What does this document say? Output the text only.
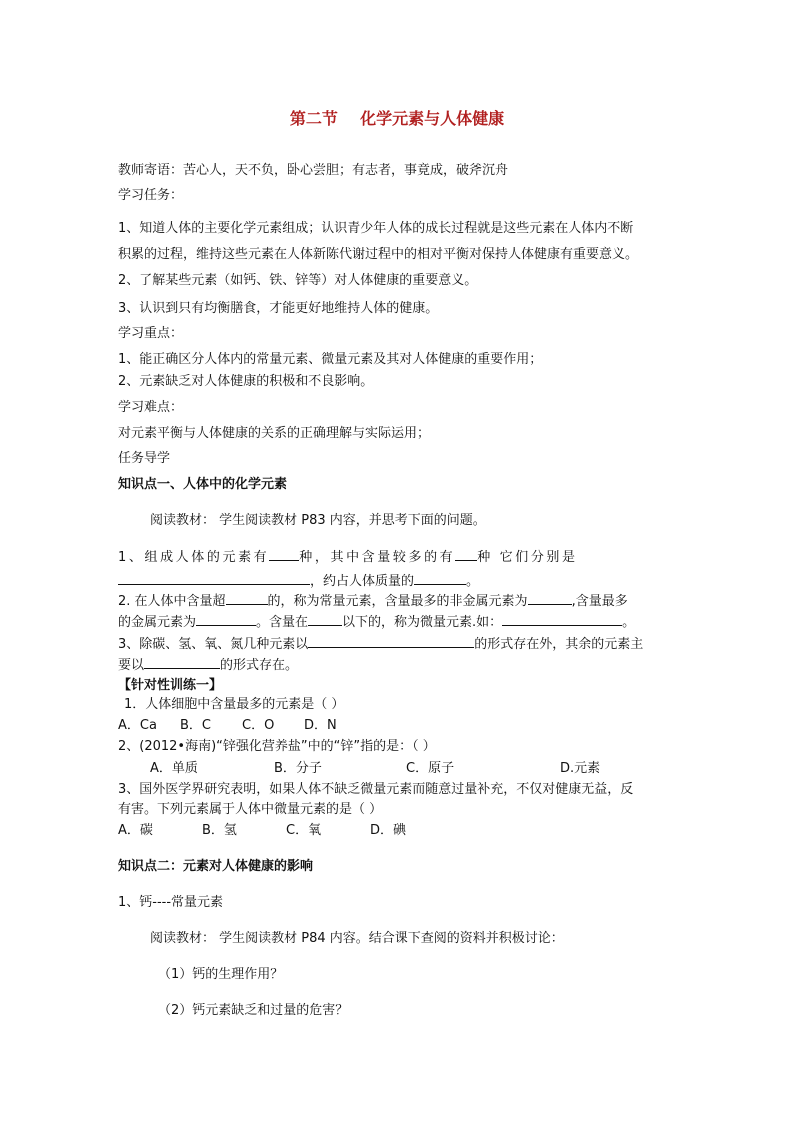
第二节    化学元素与人体健康
教师寄语：苦心人，天不负，卧心尝胆；有志者，事竟成，破斧沉舟
学习任务：
1、知道人体的主要化学元素组成；认识青少年人体的成长过程就是这些元素在人体内不断
积累的过程，维持这些元素在人体新陈代谢过程中的相对平衡对保持人体健康有重要意义。
2、了解某些元素（如钙、铁、锌等）对人体健康的重要意义。
3、认识到只有均衡膳食，才能更好地维持人体的健康。
学习重点：
1、能正确区分人体内的常量元素、微量元素及其对人体健康的重要作用；
2、元素缺乏对人体健康的积极和不良影响。
学习难点：
对元素平衡与人体健康的关系的正确理解与实际运用；
任务导学
知识点一、人体中的化学元素
阅读教材： 学生阅读教材 P83 内容，并思考下面的问题。
1、组成人体的元素有 种，其中含量较多的有 种 它们分别是
，约占人体质量的	。
2. 在人体中含量超	的，称为常量元素，含量最多的非金属元素为	,含量最多
的金属元素为	。含量在	以下的，称为微量元素.如：	。
3、除碳、氢、氧、氮几种元素以	的形式存在外，其余的元素主
要以	的形式存在。
【针对性训练一】
1．人体细胞中含量最多的元素是（ ）
A．Ca B．C C．O D．N
2、(2012•海南)“锌强化营养盐”中的“锌”指的是：（ ）
A．单质	B．分子	C．原子	D.元素
3、国外医学界研究表明，如果人体不缺乏微量元素而随意过量补充，不仅对健康无益，反
有害。下列元素属于人体中微量元素的是（ ）
A．碳	B．氢	C．氧	D．碘
知识点二：元素对人体健康的影响
1、钙----常量元素
阅读教材： 学生阅读教材 P84 内容。结合课下查阅的资料并积极讨论：
（1）钙的生理作用？
（2）钙元素缺乏和过量的危害？
